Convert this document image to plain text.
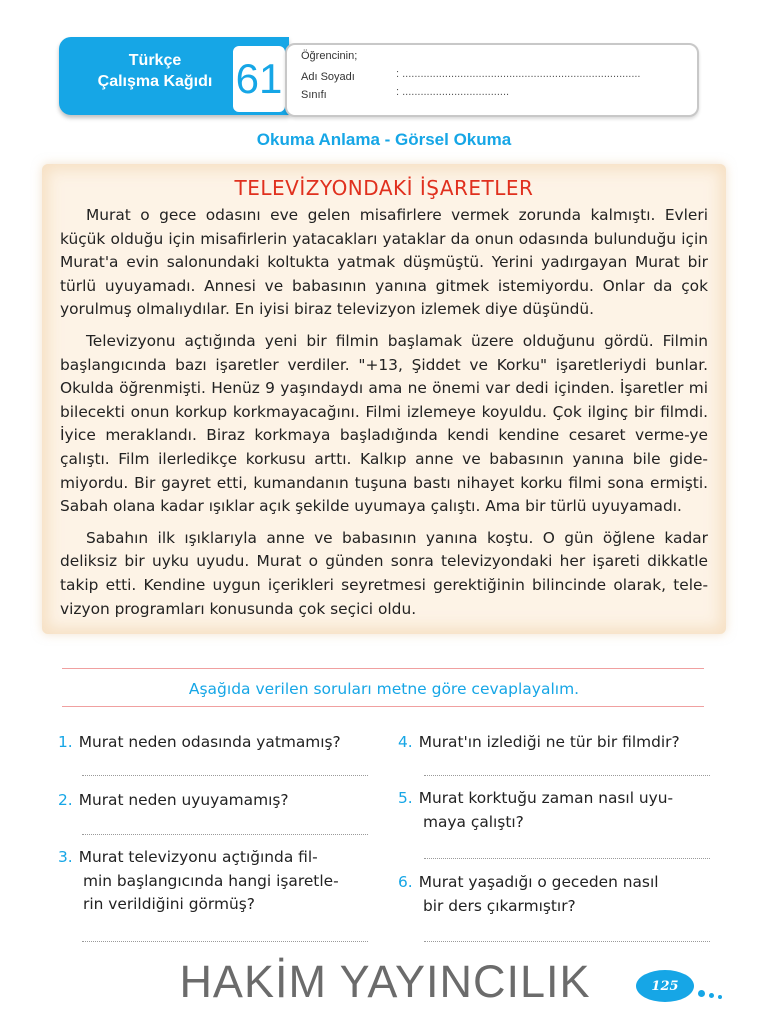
Türkçe
Çalışma Kağıdı 61	Öğrencinin;
Adı Soyadı	: ..............................................................................
Sınıfı	: ...................................
Okuma Anlama - Görsel Okuma
TELEVİZYONDAKİ İŞARETLER

Murat o gece odasını eve gelen misafirlere vermek zorunda kalmıştı. Evleri küçük olduğu için misafirlerin yatacakları yataklar da onun odasında bulunduğu için Murat'a evin salonundaki koltukta yatmak düşmüştü. Yerini yadırgayan Murat bir türlü uyuyamadı. Annesi ve babasının yanına gitmek istemiyordu. Onlar da çok yorulmuş olmalıydılar. En iyisi biraz televizyon izlemek diye düşündü.

Televizyonu açtığında yeni bir filmin başlamak üzere olduğunu gördü. Filmin başlangıcında bazı işaretler verdiler. "+13, Şiddet ve Korku" işaretleriydi bunlar. Okulda öğrenmişti. Henüz 9 yaşındaydı ama ne önemi var dedi içinden. İşaretler mi bilecekti onun korkup korkmayacağını. Filmi izlemeye koyuldu. Çok ilginç bir filmdi. İyice meraklandı. Biraz korkmaya başladığında kendi kendine cesaret verme-ye çalıştı. Film ilerledikçe korkusu arttı. Kalkıp anne ve babasının yanına bile gide-miyordu. Bir gayret etti, kumandanın tuşuna bastı nihayet korku filmi sona ermişti. Sabah olana kadar ışıklar açık şekilde uyumaya çalıştı. Ama bir türlü uyuyamadı.

Sabahın ilk ışıklarıyla anne ve babasının yanına koştu. O gün öğlene kadar deliksiz bir uyku uyudu. Murat o günden sonra televizyondaki her işareti dikkatle takip etti. Kendine uygun içerikleri seyretmesi gerektiğinin bilincinde olarak, tele-vizyon programları konusunda çok seçici oldu.

Aşağıda verilen soruları metne göre cevaplayalım.
1. Murat neden odasında yatmamış?
2. Murat neden uyuyamamış?
3. Murat televizyonu açtığında fil-
min başlangıcında hangi işaretle-
rin verildiğini görmüş?
4. Murat'ın izlediği ne tür bir filmdir?
5. Murat korktuğu zaman nasıl uyu-
maya çalıştı?
6. Murat yaşadığı o geceden nasıl
bir ders çıkarmıştır?
HAKİM YAYINCILIK	125
